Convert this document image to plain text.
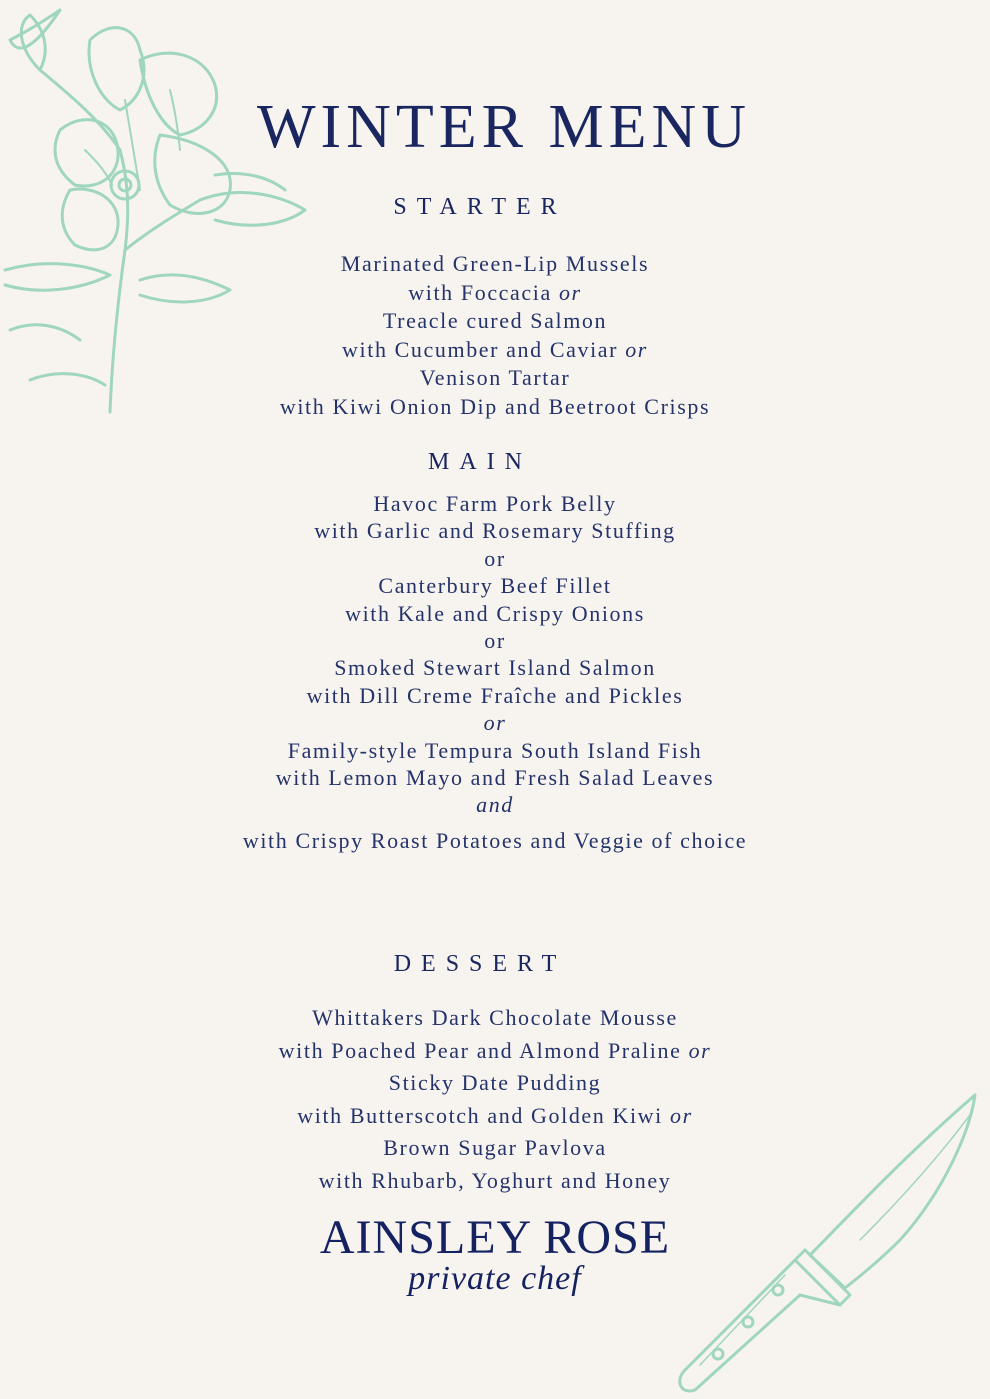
WINTER MENU
STARTER
Marinated Green-Lip Mussels
with Foccacia or
Treacle cured Salmon
with Cucumber and Caviar or
Venison Tartar
with Kiwi Onion Dip and Beetroot Crisps
MAIN
Havoc Farm Pork Belly
with Garlic and Rosemary Stuffing
or
Canterbury Beef Fillet
with Kale and Crispy Onions
or
Smoked Stewart Island Salmon
with Dill Creme Fraîche and Pickles
or
Family-style Tempura South Island Fish
with Lemon Mayo and Fresh Salad Leaves
and
with Crispy Roast Potatoes and Veggie of choice
DESSERT
Whittakers Dark Chocolate Mousse
with Poached Pear and Almond Praline or
Sticky Date Pudding
with Butterscotch and Golden Kiwi or
Brown Sugar Pavlova
with Rhubarb, Yoghurt and Honey
AINSLEY ROSE
private chef
